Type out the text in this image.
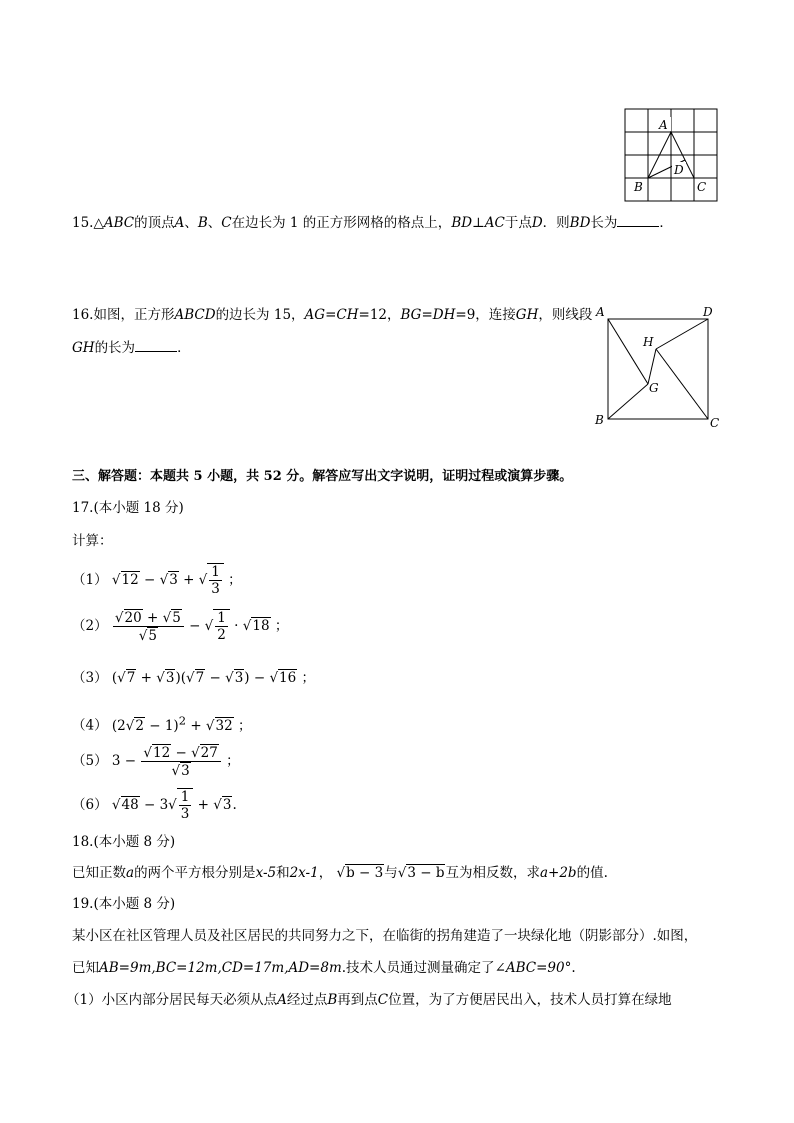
A
D
B	C
15.△ABC的顶点A、B、C在边长为 1 的正方形网格的格点上，BD⊥AC于点D．则BD长为	．
A	D
H
G
B	C
16.如图，正方形ABCD的边长为 15，AG=CH=12，BG=DH=9，连接GH，则线段
GH的长为	．
三、解答题：本题共 5 小题，共 52 分。解答应写出文字说明，证明过程或演算步骤。
17.(本小题 18 分)
计算：
（1） √12 − √3 + √ $\frac{1}{3}$ ；
$(2) \frac{√20 + √5}{√5}$ − √ $\frac{1}{2} \cdot √18$ ；
（3） (√7 + √3)(√7 − √3) − √16 ；
（4） $(2√2 - 1)^2 + √32$ ；
（5） $3 - \frac{√12 - √27}{√3}$ ；
（6） $√48 - 3√ \frac{1}{3} + √3$.
18.(本小题 8 分)
已知正数a的两个平方根分别是x-5和2x-1， √b − 3与√3 − b互为相反数，求a+2b的值.
19.(本小题 8 分)
某小区在社区管理人员及社区居民的共同努力之下，在临街的拐角建造了一块绿化地（阴影部分）.如图，
已知AB=9m,BC=12m,CD=17m,AD=8m.技术人员通过测量确定了∠ABC=90°.
（1）小区内部分居民每天必须从点A经过点B再到点C位置，为了方便居民出入，技术人员打算在绿地
